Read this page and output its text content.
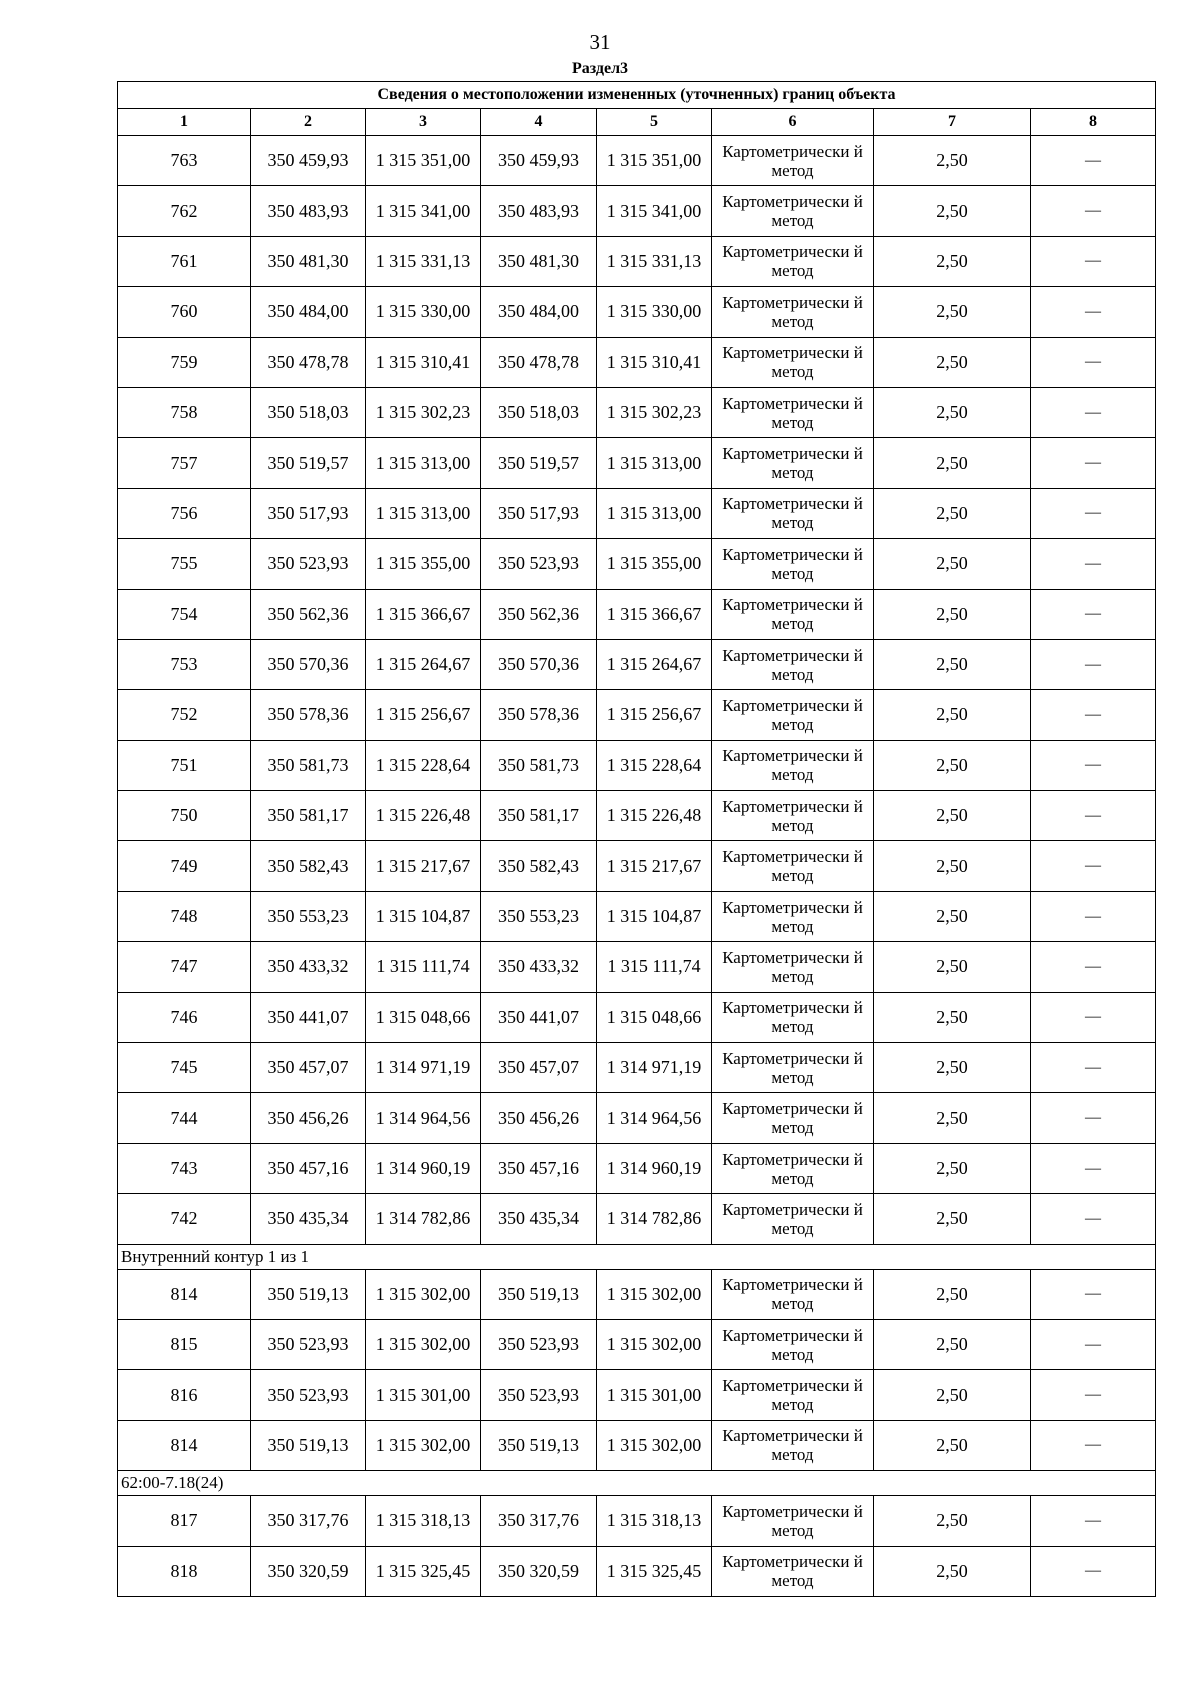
31
Раздел3
Сведения о местоположении измененных (уточненных) границ объекта							
1	2	3	4	5	6	7	8
763	350 459,93	1 315 351,00	350 459,93	1 315 351,00	Картометрически й метод	2,50	—
762	350 483,93	1 315 341,00	350 483,93	1 315 341,00	Картометрически й метод	2,50	—
761	350 481,30	1 315 331,13	350 481,30	1 315 331,13	Картометрически й метод	2,50	—
760	350 484,00	1 315 330,00	350 484,00	1 315 330,00	Картометрически й метод	2,50	—
759	350 478,78	1 315 310,41	350 478,78	1 315 310,41	Картометрически й метод	2,50	—
758	350 518,03	1 315 302,23	350 518,03	1 315 302,23	Картометрически й метод	2,50	—
757	350 519,57	1 315 313,00	350 519,57	1 315 313,00	Картометрически й метод	2,50	—
756	350 517,93	1 315 313,00	350 517,93	1 315 313,00	Картометрически й метод	2,50	—
755	350 523,93	1 315 355,00	350 523,93	1 315 355,00	Картометрически й метод	2,50	—
754	350 562,36	1 315 366,67	350 562,36	1 315 366,67	Картометрически й метод	2,50	—
753	350 570,36	1 315 264,67	350 570,36	1 315 264,67	Картометрически й метод	2,50	—
752	350 578,36	1 315 256,67	350 578,36	1 315 256,67	Картометрически й метод	2,50	—
751	350 581,73	1 315 228,64	350 581,73	1 315 228,64	Картометрически й метод	2,50	—
750	350 581,17	1 315 226,48	350 581,17	1 315 226,48	Картометрически й метод	2,50	—
749	350 582,43	1 315 217,67	350 582,43	1 315 217,67	Картометрически й метод	2,50	—
748	350 553,23	1 315 104,87	350 553,23	1 315 104,87	Картометрически й метод	2,50	—
747	350 433,32	1 315 111,74	350 433,32	1 315 111,74	Картометрически й метод	2,50	—
746	350 441,07	1 315 048,66	350 441,07	1 315 048,66	Картометрически й метод	2,50	—
745	350 457,07	1 314 971,19	350 457,07	1 314 971,19	Картометрически й метод	2,50	—
744	350 456,26	1 314 964,56	350 456,26	1 314 964,56	Картометрически й метод	2,50	—
743	350 457,16	1 314 960,19	350 457,16	1 314 960,19	Картометрически й метод	2,50	—
742	350 435,34	1 314 782,86	350 435,34	1 314 782,86	Картометрически й метод	2,50	—
Внутренний контур 1 из 1							
814	350 519,13	1 315 302,00	350 519,13	1 315 302,00	Картометрически й метод	2,50	—
815	350 523,93	1 315 302,00	350 523,93	1 315 302,00	Картометрически й метод	2,50	—
816	350 523,93	1 315 301,00	350 523,93	1 315 301,00	Картометрически й метод	2,50	—
814	350 519,13	1 315 302,00	350 519,13	1 315 302,00	Картометрически й метод	2,50	—
62:00-7.18(24)							
817	350 317,76	1 315 318,13	350 317,76	1 315 318,13	Картометрически й метод	2,50	—
818	350 320,59	1 315 325,45	350 320,59	1 315 325,45	Картометрически й метод	2,50	—
